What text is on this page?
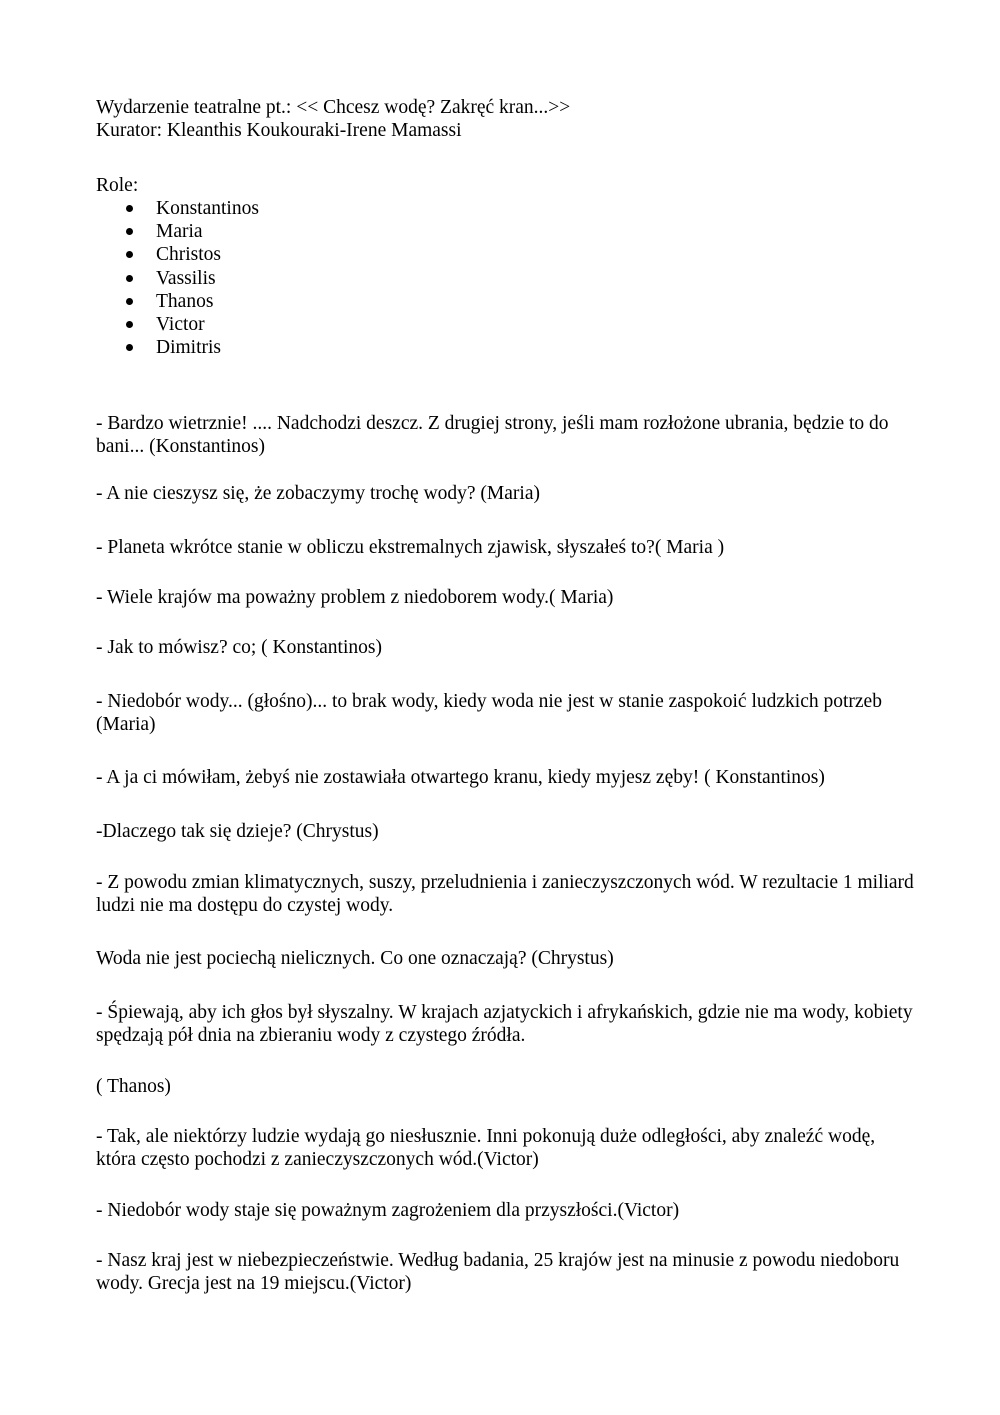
Wydarzenie teatralne pt.: << Chcesz wodę? Zakręć kran...>>
Kurator: Kleanthis Koukouraki-Irene Mamassi

Role:

Konstantinos
Maria
Christos
Vassilis
Thanos
Victor
Dimitris

- Bardzo wietrznie! .... Nadchodzi deszcz. Z drugiej strony, jeśli mam rozłożone ubrania, będzie to do bani... (Konstantinos)

- A nie cieszysz się, że zobaczymy trochę wody? (Maria)

- Planeta wkrótce stanie w obliczu ekstremalnych zjawisk, słyszałeś to?( Maria )

- Wiele krajów ma poważny problem z niedoborem wody.( Maria)

- Jak to mówisz? co; ( Konstantinos)

- Niedobór wody... (głośno)... to brak wody, kiedy woda nie jest w stanie zaspokoić ludzkich potrzeb (Maria)

- A ja ci mówiłam, żebyś nie zostawiała otwartego kranu, kiedy myjesz zęby! ( Konstantinos)

-Dlaczego tak się dzieje? (Chrystus)

- Z powodu zmian klimatycznych, suszy, przeludnienia i zanieczyszczonych wód. W rezultacie 1 miliard ludzi nie ma dostępu do czystej wody.

Woda nie jest pociechą nielicznych. Co one oznaczają? (Chrystus)

- Śpiewają, aby ich głos był słyszalny. W krajach azjatyckich i afrykańskich, gdzie nie ma wody, kobiety spędzają pół dnia na zbieraniu wody z czystego źródła.

( Thanos)

- Tak, ale niektórzy ludzie wydają go niesłusznie. Inni pokonują duże odległości, aby znaleźć wodę, która często pochodzi z zanieczyszczonych wód.(Victor)

- Niedobór wody staje się poważnym zagrożeniem dla przyszłości.(Victor)

- Nasz kraj jest w niebezpieczeństwie. Według badania, 25 krajów jest na minusie z powodu niedoboru wody. Grecja jest na 19 miejscu.(Victor)
